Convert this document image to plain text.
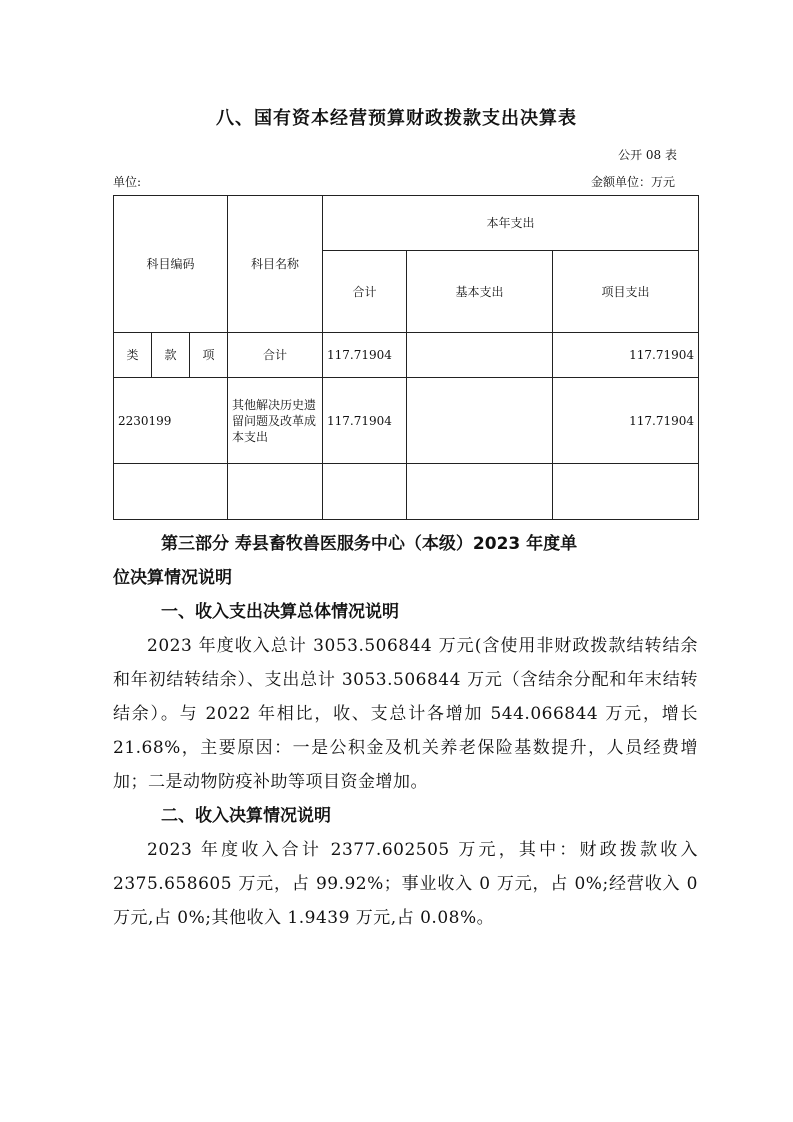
八、国有资本经营预算财政拨款支出决算表
公开 08 表
单位:	金额单位：万元
科目编码			科目名称	本年支出		
				合计	基本支出	项目支出
类	款	项	合计	117.71904		117.71904
2230199			其他解决历史遗留问题及改革成本支出	117.71904		117.71904

第三部分 寿县畜牧兽医服务中心（本级）2023 年度单
位决算情况说明
一、收入支出决算总体情况说明
2023 年度收入总计 3053.506844 万元(含使用非财政拨款结转结余和年初结转结余）、支出总计 3053.506844 万元（含结余分配和年末结转结余）。与 2022 年相比，收、支总计各增加 544.066844 万元，增长 21.68%，主要原因：一是公积金及机关养老保险基数提升，人员经费增加；二是动物防疫补助等项目资金增加。
二、收入决算情况说明
2023 年度收入合计 2377.602505 万元，其中：财政拨款收入 2375.658605 万元，占 99.92%；事业收入 0 万元，占 0%;经营收入 0 万元,占 0%;其他收入 1.9439 万元,占 0.08%。
